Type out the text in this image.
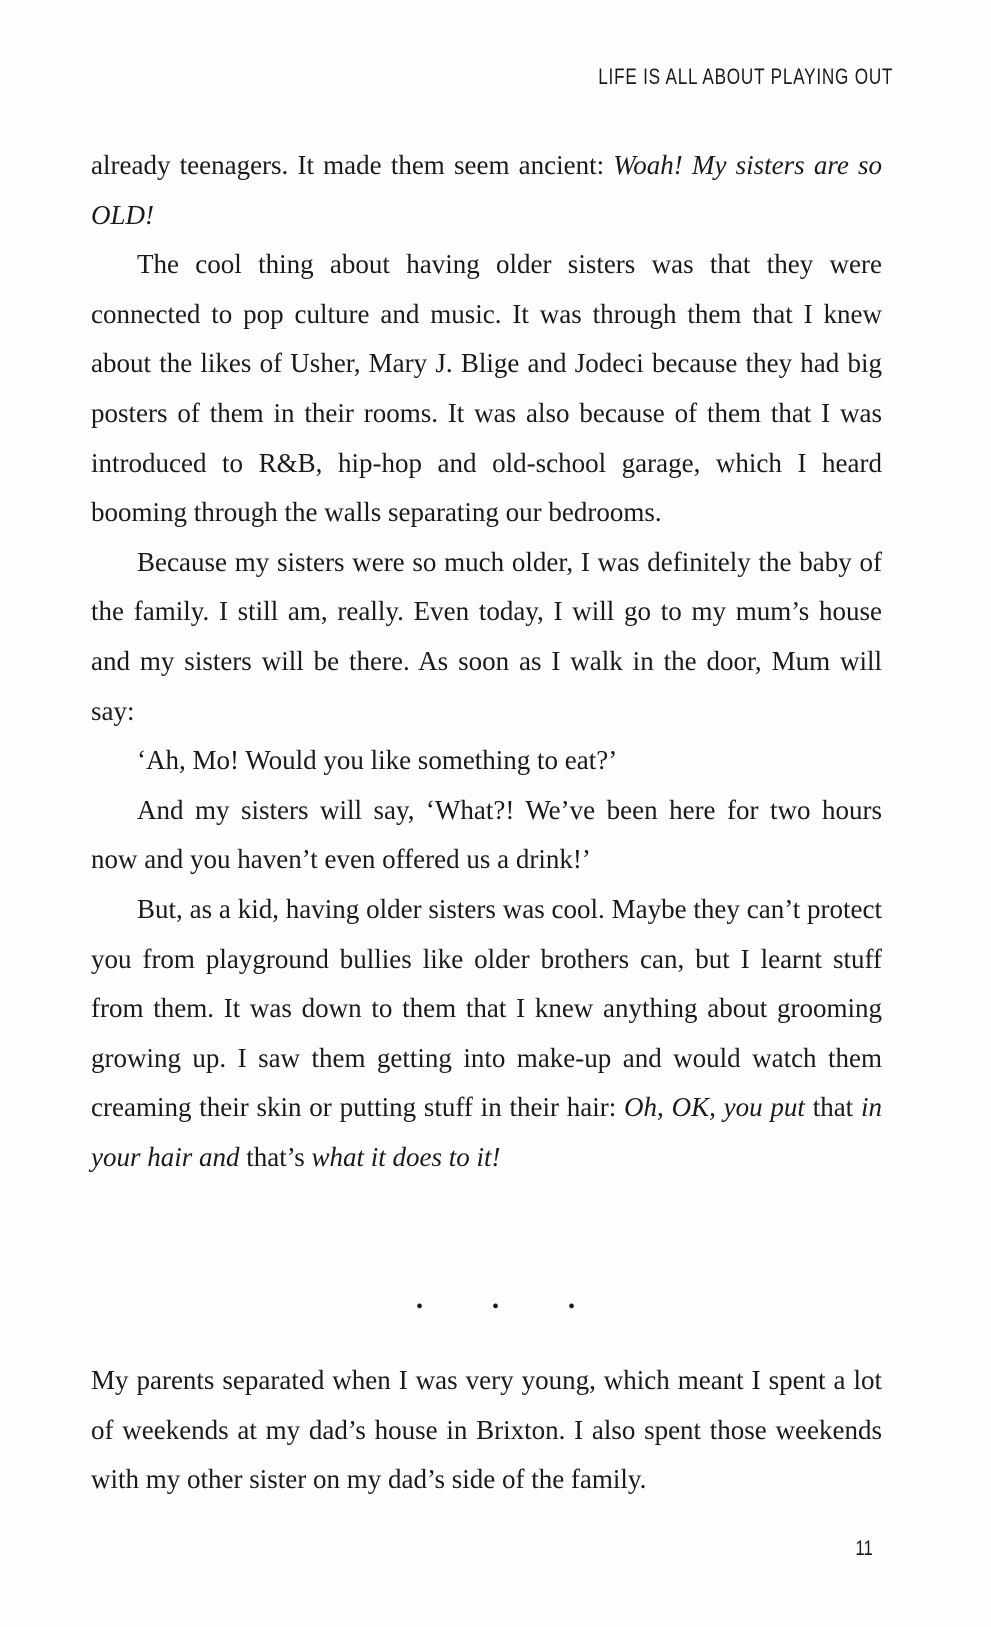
LIFE IS ALL ABOUT PLAYING OUT

already teenagers. It made them seem ancient: Woah! My sisters are so OLD!

The cool thing about having older sisters was that they were connected to pop culture and music. It was through them that I knew about the likes of Usher, Mary J. Blige and Jodeci because they had big posters of them in their rooms. It was also because of them that I was introduced to R&B, hip-hop and old-school garage, which I heard booming through the walls separating our bedrooms.

Because my sisters were so much older, I was definitely the baby of the family. I still am, really. Even today, I will go to my mum’s house and my sisters will be there. As soon as I walk in the door, Mum will say:

‘Ah, Mo! Would you like something to eat?’

And my sisters will say, ‘What?! We’ve been here for two hours now and you haven’t even offered us a drink!’

But, as a kid, having older sisters was cool. Maybe they can’t protect you from playground bullies like older brothers can, but I learnt stuff from them. It was down to them that I knew anything about grooming growing up. I saw them getting into make-up and would watch them creaming their skin or putting stuff in their hair: Oh, OK, you put that in your hair and that’s what it does to it!

• • •

My parents separated when I was very young, which meant I spent a lot of weekends at my dad’s house in Brixton. I also spent those weekends with my other sister on my dad’s side of the family.

11
